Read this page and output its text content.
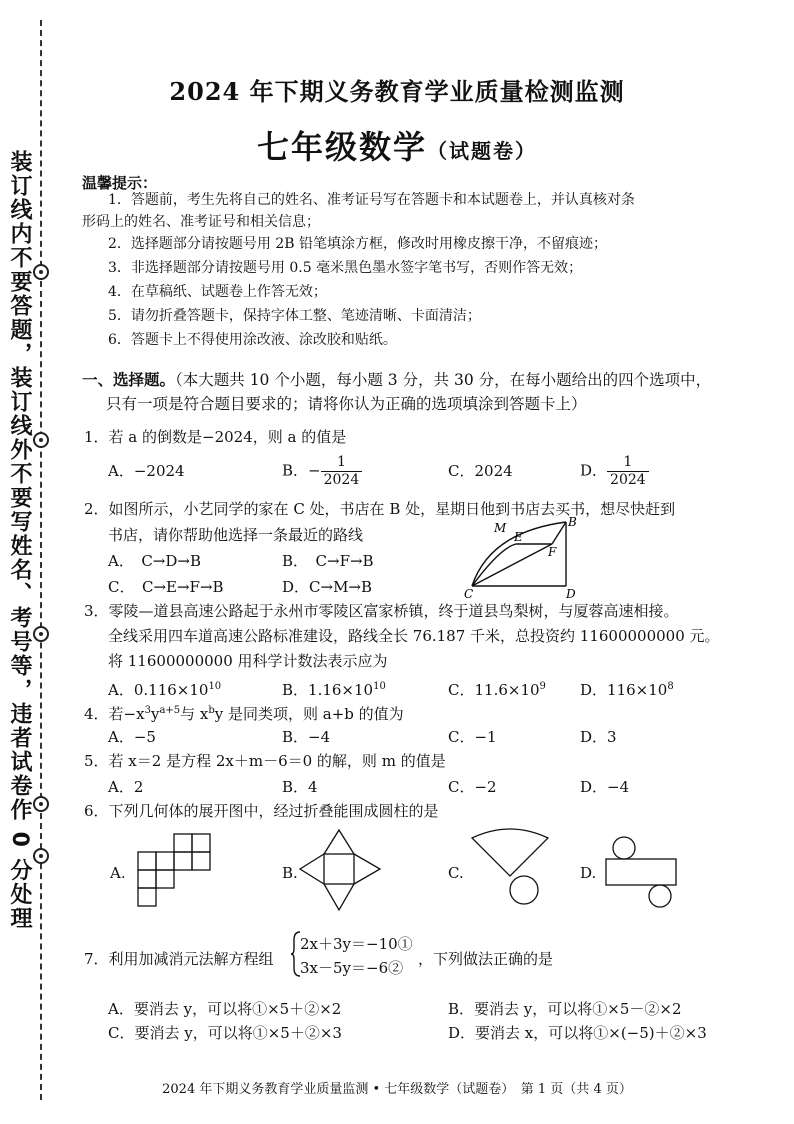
装订线内不要答题，装订线外不要写姓名、考号等，违者试卷作 0 分处理
2024 年下期义务教育学业质量检测监测
七年级数学（试题卷）
温馨提示：
1．答题前，考生先将自己的姓名、准考证号写在答题卡和本试题卷上，并认真核对条
形码上的姓名、准考证号和相关信息；
2．选择题部分请按题号用 2B 铅笔填涂方框，修改时用橡皮擦干净，不留痕迹；
3．非选择题部分请按题号用 0.5 毫米黑色墨水签字笔书写，否则作答无效；
4．在草稿纸、试题卷上作答无效；
5．请勿折叠答题卡，保持字体工整、笔迹清晰、卡面清洁；
6．答题卡上不得使用涂改液、涂改胶和贴纸。
一、选择题。（本大题共 10 个小题，每小题 3 分，共 30 分，在每小题给出的四个选项中，
只有一项是符合题目要求的；请将你认为正确的选项填涂到答题卡上）
1．若 a 的倒数是−2024，则 a 的值是
A．−2024	B．− $\frac{1}{2024}$	C．2024	D． $\frac{1}{2024}$
2．如图所示，小艺同学的家在 C 处，书店在 B 处，星期日他到书店去买书，想尽快赶到
书店，请你帮助他选择一条最近的路线
A．　C→D→B	B．　C→F→B
C．　C→E→F→B	D．C→M→B
M	B
E
F
C	D
3．零陵—道县高速公路起于永州市零陵区富家桥镇，终于道县鸟梨树，与厦蓉高速相接。
全线采用四车道高速公路标准建设，路线全长 76.187 千米，总投资约 11600000000 元。
将 11600000000 用科学计数法表示应为
A．$0.116\times 10^{10}$	B．$1.16\times 10^{10}$	C．$11.6\times 10^9$ D．$116\times 10^8$
4．若$-x^3y^{a+5}$与 $x^by$ 是同类项，则 a+b 的值为
A．−5	B．−4	C．−1	D．3
5．若 x＝2 是方程 2x＋m－6＝0 的解，则 m 的值是
A．2	B．4	C．−2	D．−4
6．下列几何体的展开图中，经过折叠能围成圆柱的是
A.	B.	C.	D.
7．利用加减消元法解方程组
2x＋3y＝−10①
3x－5y＝−6② ，下列做法正确的是
A．要消去 y，可以将①×5＋②×2	B．要消去 y，可以将①×5－②×2
C．要消去 y，可以将①×5＋②×3	D．要消去 x，可以将①×(−5)＋②×3
2024 年下期义务教育学业质量监测 • 七年级数学（试题卷）　第 1 页（共 4 页）
